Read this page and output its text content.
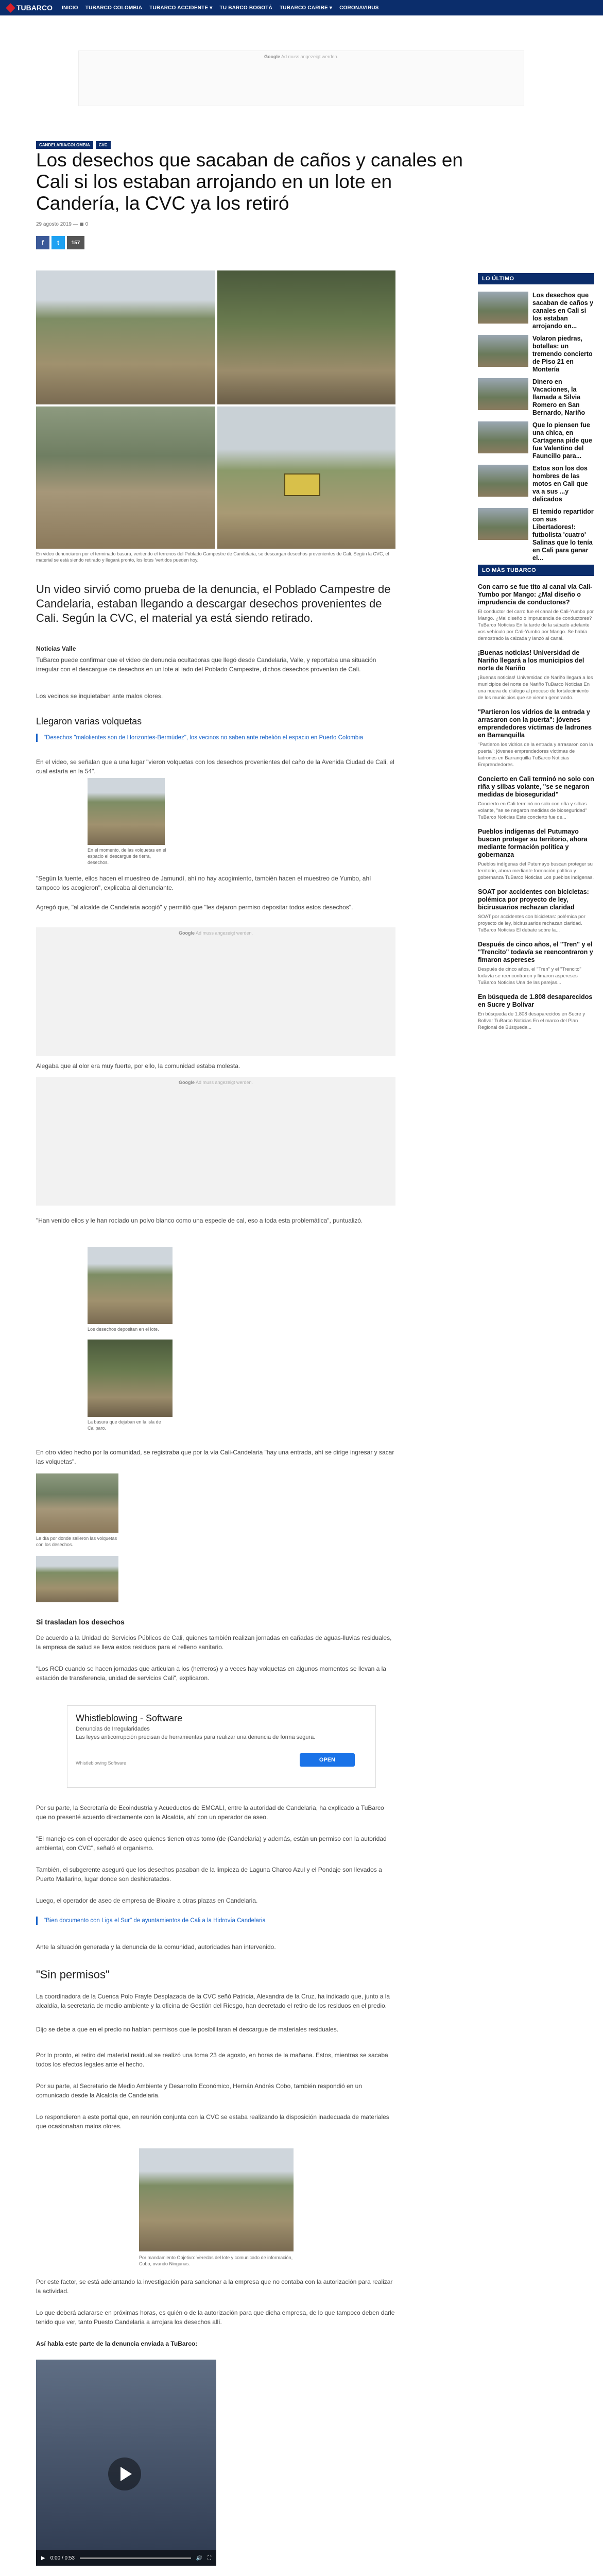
TUBARCO INICIO TUBARCO COLOMBIA TUBARCO ACCIDENTE ▾ TU BARCO BOGOTÁ TUBARCO CARIBE ▾ CORONAVIRUS
Google Ad muss angezeigt werden.
CANDELARIA/COLOMBIA	CVC
Los desechos que sacaban de caños y canales en Cali si los estaban arrojando en un lote en Candería, la CVC ya los retiró
29 agosto 2019 — ◼ 0
f	t	157
En video denunciaron por el terminado basura, vertiendo el terrenos del Poblado Campestre de Candelaria, se descargan desechos provenientes de Cali. Según la CVC, el material se está siendo retirado y llegará pronto, los lotes 'vertidos pueden hoy.
Un video sirvió como prueba de la denuncia, el Poblado Campestre de Candelaria, estaban llegando a descargar desechos provenientes de Cali. Según la CVC, el material ya está siendo retirado.
Noticias Valle
TuBarco puede confirmar que el video de denuncia ocultadoras que llegó desde Candelaria, Valle, y reportaba una situación irregular con el descargue de desechos en un lote al lado del Poblado Campestre, dichos desechos provenían de Cali.
Los vecinos se inquietaban ante malos olores.
Llegaron varias volquetas
"Desechos "malolientes son de Horizontes-Bermúdez", los vecinos no saben ante rebelión el espacio en Puerto Colombia
En el video, se señalan que a una lugar "vieron volquetas con los desechos provenientes del caño de la Avenida Ciudad de Cali, el cual estaría en la 54".
En el momento, de las volquetas en el espacio el descargue de tierra, desechos.
"Según la fuente, ellos hacen el muestreo de Jamundí, ahí no hay acogimiento, también hacen el muestreo de Yumbo, ahí tampoco los acogieron", explicaba al denunciante.
Agregó que, "al alcalde de Candelaria acogió" y permitió que "les dejaron permiso depositar todos estos desechos".
Google Ad muss angezeigt werden.
Alegaba que al olor era muy fuerte, por ello, la comunidad estaba molesta.
Google Ad muss angezeigt werden.
"Han venido ellos y le han rociado un polvo blanco como una especie de cal, eso a toda esta problemática", puntualizó.
Los desechos depositan en el lote.
La basura que dejaban en la isla de Caliparo.
En otro video hecho por la comunidad, se registraba que por la vía Cali-Candelaria "hay una entrada, ahí se dirige ingresar y sacar las volquetas".
Le día por donde salieron las volquetas con los desechos.
Si trasladan los desechos
De acuerdo a la Unidad de Servicios Públicos de Cali, quienes también realizan jornadas en cañadas de aguas-lluvias residuales, la empresa de salud se lleva estos residuos para el relleno sanitario.
"Los RCD cuando se hacen jornadas que articulan a los (herreros) y a veces hay volquetas en algunos momentos se llevan a la estación de transferencia, unidad de servicios Cali", explicaron.
Whistleblowing - Software
Denuncias de Irregularidades
Las leyes anticorrupción precisan de herramientas para realizar una denuncia de forma segura.
Whistleblowing Software	OPEN
Por su parte, la Secretaría de Ecoindustria y Acueductos de EMCALI, entre la autoridad de Candelaria, ha explicado a TuBarco que no presenté acuerdo directamente con la Alcaldía, ahí con un operador de aseo.
"El manejo es con el operador de aseo quienes tienen otras tomo (de (Candelaria) y además, están un permiso con la autoridad ambiental, con CVC", señaló el organismo.
También, el subgerente aseguró que los desechos pasaban de la limpieza de Laguna Charco Azul y el Pondaje son llevados a Puerto Mallarino, lugar donde son deshidratados.
Luego, el operador de aseo de empresa de Bioaire a otras plazas en Candelaria.
"Bien documento con Liga el Sur" de ayuntamientos de Cali a la Hidrovía Candelaria
Ante la situación generada y la denuncia de la comunidad, autoridades han intervenido.
"Sin permisos"
La coordinadora de la Cuenca Polo Frayle Desplazada de la CVC señó Patricia, Alexandra de la Cruz, ha indicado que, junto a la alcaldía, la secretaría de medio ambiente y la oficina de Gestión del Riesgo, han decretado el retiro de los residuos en el predio.
Dijo se debe a que en el predio no habían permisos que le posibilitaran el descargue de materiales residuales.
Por lo pronto, el retiro del material residual se realizó una toma 23 de agosto, en horas de la mañana. Estos, mientras se sacaba todos los efectos legales ante el hecho.
Por su parte, al Secretario de Medio Ambiente y Desarrollo Económico, Hernán Andrés Cobo, también respondió en un comunicado desde la Alcaldía de Candelaria.
Lo respondieron a este portal que, en reunión conjunta con la CVC se estaba realizando la disposición inadecuada de materiales que ocasionaban malos olores.
Por mandamiento Objetivo: Veredas del lote y comunicado de información, Cobo, ovando Ningunas.
Por este factor, se está adelantando la investigación para sancionar a la empresa que no contaba con la autorización para realizar la actividad.
Lo que deberá aclararse en próximas horas, es quién o de la autorización para que dicha empresa, de lo que tampoco deben darle tenido que ver, tanto Puesto Candelaria a arrojara los desechos allí.
Así habla este parte de la denuncia enviada a TuBarco:
▶ 0:00 / 0:53	🔊 ⛶
LO ÚLTIMO
Los desechos que sacaban de caños y canales en Cali si los estaban arrojando en...
Volaron piedras, botellas: un tremendo concierto de Piso 21 en Montería
Dinero en Vacaciones, la llamada a Silvia Romero en San Bernardo, Nariño
Que lo piensen fue una chica, en Cartagena pide que fue Valentino del Fauncillo para...
Estos son los dos hombres de las motos en Cali que va a sus ...y delicados
El temido repartidor con sus Libertadores!: futbolista 'cuatro' Salinas que lo tenía en Cali para ganar el...
LO MÁS TUBARCO
Con carro se fue tito al canal vía Cali-Yumbo por Mango: ¿Mal diseño o imprudencia de conductores?
El conductor del carro fue el canal de Cali-Yumbo por Mango. ¿Mal diseño o imprudencia de conductores? TuBarco Noticias En la tarde de la sábado adelante vos vehículo por Cali-Yumbo por Mango. Se había demostrado la calzada y lanzó al canal.
¡Buenas noticias! Universidad de Nariño llegará a los municipios del norte de Nariño
¡Buenas noticias! Universidad de Nariño llegará a los municipios del norte de Nariño TuBarco Noticias En una nueva de diálogo al proceso de fortalecimiento de los municipios que se vienen generando.
"Partieron los vidrios de la entrada y arrasaron con la puerta": jóvenes emprendedores víctimas de ladrones en Barranquilla
"Partieron los vidrios de la entrada y arrasaron con la puerta": jóvenes emprendedores víctimas de ladrones en Barranquilla TuBarco Noticias Emprendedores.
Concierto en Cali terminó no solo con riña y silbas volante, "se se negaron medidas de bioseguridad"
Concierto en Cali terminó no solo con riña y silbas volante, "se se negaron medidas de bioseguridad" TuBarco Noticias Este concierto fue de...
Pueblos indígenas del Putumayo buscan proteger su territorio, ahora mediante formación política y gobernanza
Pueblos indígenas del Putumayo buscan proteger su territorio, ahora mediante formación política y gobernanza TuBarco Noticias Los pueblos indígenas.
SOAT por accidentes con bicicletas: polémica por proyecto de ley, bicirusuarios rechazan claridad
SOAT por accidentes con bicicletas: polémica por proyecto de ley, bicirusuarios rechazan claridad. TuBarco Noticias El debate sobre la...
Después de cinco años, el "Tren" y el "Trencito" todavía se reencontraron y fimaron aspereses
Después de cinco años, el "Tren" y el "Trencito" todavía se reencontraron y fimaron aspereses TuBarco Noticias Una de las parejas...
En búsqueda de 1.808 desaparecidos en Sucre y Bolívar
En búsqueda de 1.808 desaparecidos en Sucre y Bolívar TuBarco Noticias En el marco del Plan Regional de Búsqueda...
